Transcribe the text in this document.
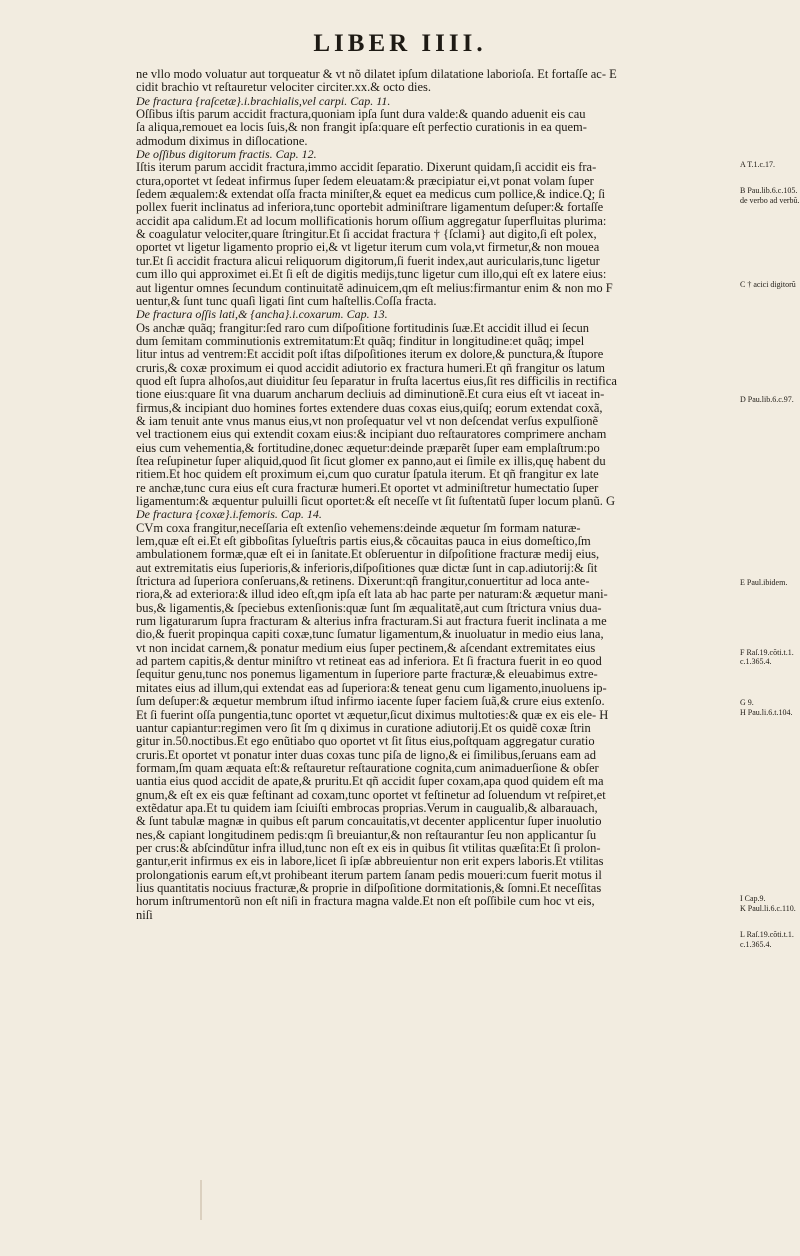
LIBER IIII.
ne vllo modo voluatur aut torqueatur & vt nõ dilatet ipſum dilatatione laborioſa. Et fortaſſe ac- E
cidit brachio vt reſtauretur velociter circiter.xx.& octo dies.
De fractura {raſcetæ}.i.brachialis,vel carpi. Cap. 11.
Oſſibus iſtis parum accidit fractura,quoniam ipſa ſunt dura valde:& quando aduenit eis cau
ſa aliqua,remouet ea locis ſuis,& non frangit ipſa:quare eſt perfectio curationis in ea quem-
admodum diximus in diſlocatione.
De oſſibus digitorum fractis. Cap. 12.
Iſtis iterum parum accidit fractura,immo accidit ſeparatio. Dixerunt quidam,ſi accidit eis fra-
ctura,oportet vt ſedeat infirmus ſuper ſedem eleuatam:& præcipiatur ei,vt ponat volam ſuper
ſedem æqualem:& extendat oſſa fracta miniſter,& equet ea medicus cum pollice,& indice.Q; ſi
pollex fuerit inclinatus ad inferiora,tunc oportebit adminiſtrare ligamentum deſuper:& fortaſſe
accidit apa calidum.Et ad locum mollificationis horum oſſium aggregatur ſuperfluitas plurima:
& coagulatur velociter,quare ſtringitur.Et ſi accidat fractura † {ſclami} aut digito,ſi eſt polex,
oportet vt ligetur ligamento proprio ei,& vt ligetur iterum cum vola,vt firmetur,& non mouea
tur.Et ſi accidit fractura alicui reliquorum digitorum,ſi fuerit index,aut auricularis,tunc ligetur
cum illo qui approximet ei.Et ſi eſt de digitis medijs,tunc ligetur cum illo,qui eſt ex latere eius:
aut ligentur omnes ſecundum continuitatẽ adinuicem,qm eſt melius:firmantur enim & non mo F
uentur,& ſunt tunc quaſi ligati ſint cum haſtellis.Coſſa fracta.
De fractura oſſis lati,& {ancha}.i.coxarum. Cap. 13.
Os anchæ quãq; frangitur:ſed raro cum diſpoſitione fortitudinis ſuæ.Et accidit illud ei ſecun
dum ſemitam comminutionis extremitatum:Et quãq; finditur in longitudine:et quãq; impel
litur intus ad ventrem:Et accidit poſt iſtas diſpoſitiones iterum ex dolore,& punctura,& ſtupore
cruris,& coxæ proximum ei quod accidit adiutorio ex fractura humeri.Et qñ frangitur os latum
quod eſt ſupra alhoſos,aut diuiditur ſeu ſeparatur in fruſta lacertus eius,ſit res difficilis in rectifica
tione eius:quare ſit vna duarum ancharum decliuis ad diminutionẽ.Et cura eius eſt vt iaceat in-
firmus,& incipiant duo homines fortes extendere duas coxas eius,quiſq; eorum extendat coxã,
& iam tenuit ante vnus manus eius,vt non proſequatur vel vt non deſcendat verſus expulſionẽ
vel tractionem eius qui extendit coxam eius:& incipiant duo reſtauratores comprimere ancham
eius cum vehementia,& fortitudine,donec æquetur:deinde præparẽt ſuper eam emplaſtrum:po
ſtea reſupinetur ſuper aliquid,quod ſit ſicut glomer ex panno,aut ei ſimile ex illis,quę habent du
ritiem.Et hoc quidem eſt proximum ei,cum quo curatur ſpatula iterum. Et qñ frangitur ex late
re anchæ,tunc cura eius eſt cura fracturæ humeri.Et oportet vt adminiſtretur humectatio ſuper
ligamentum:& æquentur puluilli ſicut oportet:& eſt neceſſe vt ſit ſuſtentatũ ſuper locum planũ. G
De fractura {coxæ}.i.femoris. Cap. 14.
CVm coxa frangitur,neceſſaria eſt extenſio vehemens:deinde æquetur ſm formam naturæ-
lem,quæ eſt ei.Et eſt gibboſitas ſylueſtris partis eius,& cõcauitas pauca in eius domeſtico,ſm
ambulationem formæ,quæ eſt ei in ſanitate.Et obſeruentur in diſpoſitione fracturæ medij eius,
aut extremitatis eius ſuperioris,& inferioris,diſpoſitiones quæ dictæ ſunt in cap.adiutorij:& ſit
ſtrictura ad ſuperiora conſeruans,& retinens. Dixerunt:qñ frangitur,conuertitur ad loca ante-
riora,& ad exteriora:& illud ideo eſt,qm ipſa eſt lata ab hac parte per naturam:& æquetur mani-
bus,& ligamentis,& ſpeciebus extenſionis:quæ ſunt ſm æqualitatẽ,aut cum ſtrictura vnius dua-
rum ligaturarum ſupra fracturam & alterius infra fracturam.Si aut fractura fuerit inclinata a me
dio,& fuerit propinqua capiti coxæ,tunc ſumatur ligamentum,& inuoluatur in medio eius lana,
vt non incidat carnem,& ponatur medium eius ſuper pectinem,& aſcendant extremitates eius
ad partem capitis,& dentur miniſtro vt retineat eas ad inferiora. Et ſi fractura fuerit in eo quod
ſequitur genu,tunc nos ponemus ligamentum in ſuperiore parte fracturæ,& eleuabimus extre-
mitates eius ad illum,qui extendat eas ad ſuperiora:& teneat genu cum ligamento,inuoluens ip-
ſum deſuper:& æquetur membrum iſtud infirmo iacente ſuper faciem ſuã,& crure eius extenſo.
Et ſi fuerint oſſa pungentia,tunc oportet vt æquetur,ſicut diximus multoties:& quæ ex eis ele- H
uantur capiantur:regimen vero ſit ſm q diximus in curatione adiutorij.Et os quidẽ coxæ ſtrin
gitur in.50.noctibus.Et ego enũtiabo quo oportet vt ſit ſitus eius,poſtquam aggregatur curatio
cruris.Et oportet vt ponatur inter duas coxas tunc piſa de ligno,& ei ſimilibus,ſeruans eam ad
formam,ſm quam æquata eſt:& reſtauretur reſtauratione cognita,cum animaduerſione & obſer
uantia eius quod accidit de apate,& pruritu.Et qñ accidit ſuper coxam,apa quod quidem eſt ma
gnum,& eſt ex eis quæ feſtinant ad coxam,tunc oportet vt feſtinetur ad ſoluendum vt reſpiret,et
extẽdatur apa.Et tu quidem iam ſciuiſti embrocas proprias.Verum in caugualib,& albarauach,
& ſunt tabulæ magnæ in quibus eſt parum concauitatis,vt decenter applicentur ſuper inuolutio
nes,& capiant longitudinem pedis:qm ſi breuiantur,& non reſtaurantur ſeu non applicantur ſu
per crus:& abſcindũtur infra illud,tunc non eſt ex eis in quibus ſit vtilitas quæſita:Et ſi prolon-
gantur,erit infirmus ex eis in labore,licet ſi ipſæ abbreuientur non erit expers laboris.Et vtilitas
prolongationis earum eſt,vt prohibeant iterum partem ſanam pedis moueri:cum fuerit motus il
lius quantitatis nociuus fracturæ,& proprie in diſpoſitione dormitationis,& ſomni.Et neceſſitas
horum inſtrumentorũ non eſt niſi in fractura magna valde.Et non eſt poſſibile cum hoc vt eis,
niſi
A T.1.c.17.
B Pau.lib.6.c.105.
de verbo ad verbũ.
C † acici digitorũ
D Pau.lib.6.c.97.
E Paul.ibidem.
F Raſ.19.cõti.t.1.
c.1.365.4.
G 9.
H Pau.li.6.t.104.
I Cap.9.
K Paul.li.6.c.110.
L Raſ.19.cõti.t.1.
c.1.365.4.
